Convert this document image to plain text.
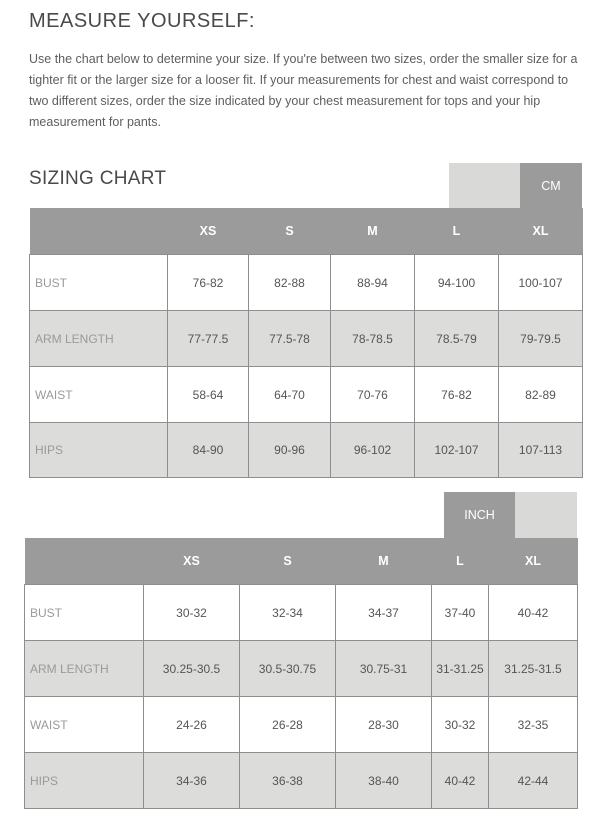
MEASURE YOURSELF:
Use the chart below to determine your size. If you're between two sizes, order the smaller size for a tighter fit or the larger size for a looser fit. If your measurements for chest and waist correspond to two different sizes, order the size indicated by your chest measurement for tops and your hip measurement for pants.
SIZING CHART	CM
	XS	S	M	L	XL
BUST	76-82	82-88	88-94	94-100	100-107
ARM LENGTH	77-77.5	77.5-78	78-78.5	78.5-79	79-79.5
WAIST	58-64	64-70	70-76	76-82	82-89
HIPS	84-90	90-96	96-102	102-107	107-113
INCH
	XS	S	M	L	XL
BUST	30-32	32-34	34-37	37-40	40-42
ARM LENGTH	30.25-30.5	30.5-30.75	30.75-31	31-31.25	31.25-31.5
WAIST	24-26	26-28	28-30	30-32	32-35
HIPS	34-36	36-38	38-40	40-42	42-44
